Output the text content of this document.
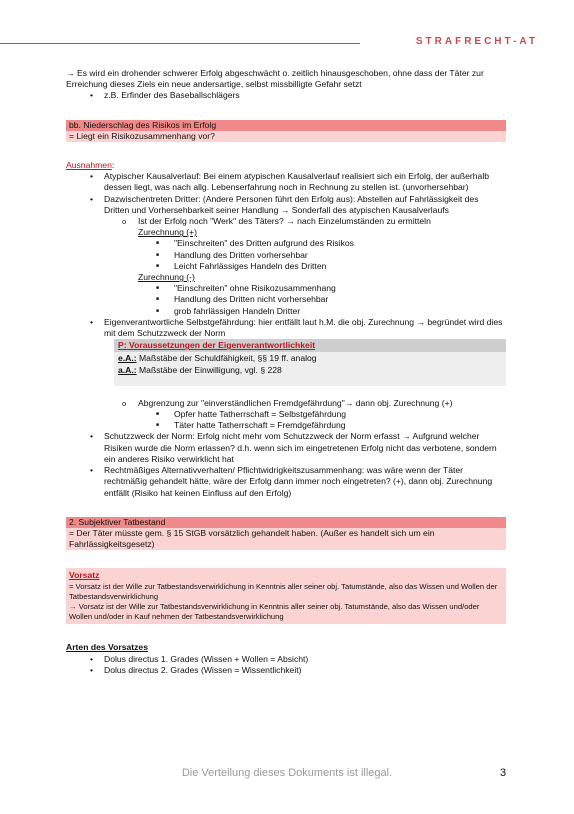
STRAFRECHT-AT

→ Es wird ein drohender schwerer Erfolg abgeschwächt o. zeitlich hinausgeschoben, ohne dass der Täter zur Erreichung dieses Ziels ein neue andersartige, selbst missbilligte Gefahr setzt

• z.B. Erfinder des Baseballschlägers

bb. Niederschlag des Risikos im Erfolg

= Liegt ein Risikozusammenhang vor?

Ausnahmen:

• Atypischer Kausalverlauf: Bei einem atypischen Kausalverlauf realisiert sich ein Erfolg, der außerhalb dessen liegt, was nach allg. Lebenserfahrung noch in Rechnung zu stellen ist. (unvorhersehbar)

• Dazwischentreten Dritter: (Andere Personen führt den Erfolg aus): Abstellen auf Fahrlässigkeit des Dritten und Vorhersehbarkeit seiner Handlung → Sonderfall des atypischen Kausalverlaufs

o Ist der Erfolg noch "Werk" des Täters? → nach Einzelumständen zu ermitteln

Zurechnung (+)

■ "Einschreiten" des Dritten aufgrund des Risikos

■ Handlung des Dritten vorhersehbar

■ Leicht Fahrlässiges Handeln des Dritten

Zurechnung (-)

■ "Einschreiten" ohne Risikozusammenhang

■ Handlung des Dritten nicht vorhersehbar

■ grob fahrlässigen Handeln Dritter

• Eigenverantwortliche Selbstgefährdung: hier entfällt laut h.M. die obj. Zurechnung → begründet wird dies mit dem Schutzzweck der Norm

P: Voraussetzungen der Eigenverantwortlichkeit

e.A.: Maßstäbe der Schuldfähigkeit, §§ 19 ff. analog

a.A.: Maßstäbe der Einwilligung, vgl. § 228

o Abgrenzung zur "einverständlichen Fremdgefährdung"→ dann obj. Zurechnung (+)

■ Opfer hatte Tatherrschaft = Selbstgefährdung

■ Täter hatte Tatherrschaft = Fremdgefährdung

• Schutzzweck der Norm: Erfolg nicht mehr vom Schutzzweck der Norm erfasst → Aufgrund welcher Risiken wurde die Norm erlassen? d.h. wenn sich im eingetretenen Erfolg nicht das verbotene, sondern ein anderes Risiko verwirklicht hat

• Rechtmäßiges Alternativverhalten/ Pflichtwidrigkeitszusammenhang: was wäre wenn der Täter rechtmäßig gehandelt hätte, wäre der Erfolg dann immer noch eingetreten? (+), dann obj. Zurechnung entfällt (Risiko hat keinen Einfluss auf den Erfolg)

2. Subjektiver Tatbestand

= Der Täter müsste gem. § 15 StGB vorsätzlich gehandelt haben. (Außer es handelt sich um ein Fahrlässigkeitsgesetz)

Vorsatz

= Vorsatz ist der Wille zur Tatbestandsverwirklichung in Kenntnis aller seiner obj. Tatumstände, also das Wissen und Wollen der Tatbestandsverwirklichung

→ Vorsatz ist der Wille zur Tatbestandsverwirklichung in Kenntnis aller seiner obj. Tatumstände, also das Wissen und/oder Wollen und/oder in Kauf nehmen der Tatbestandsverwirklichung

Arten des Vorsatzes

• Dolus directus 1. Grades (Wissen + Wollen = Absicht)

• Dolus directus 2. Grades (Wissen = Wissentlichkeit)

Die Verteilung dieses Dokuments ist illegal.	3
